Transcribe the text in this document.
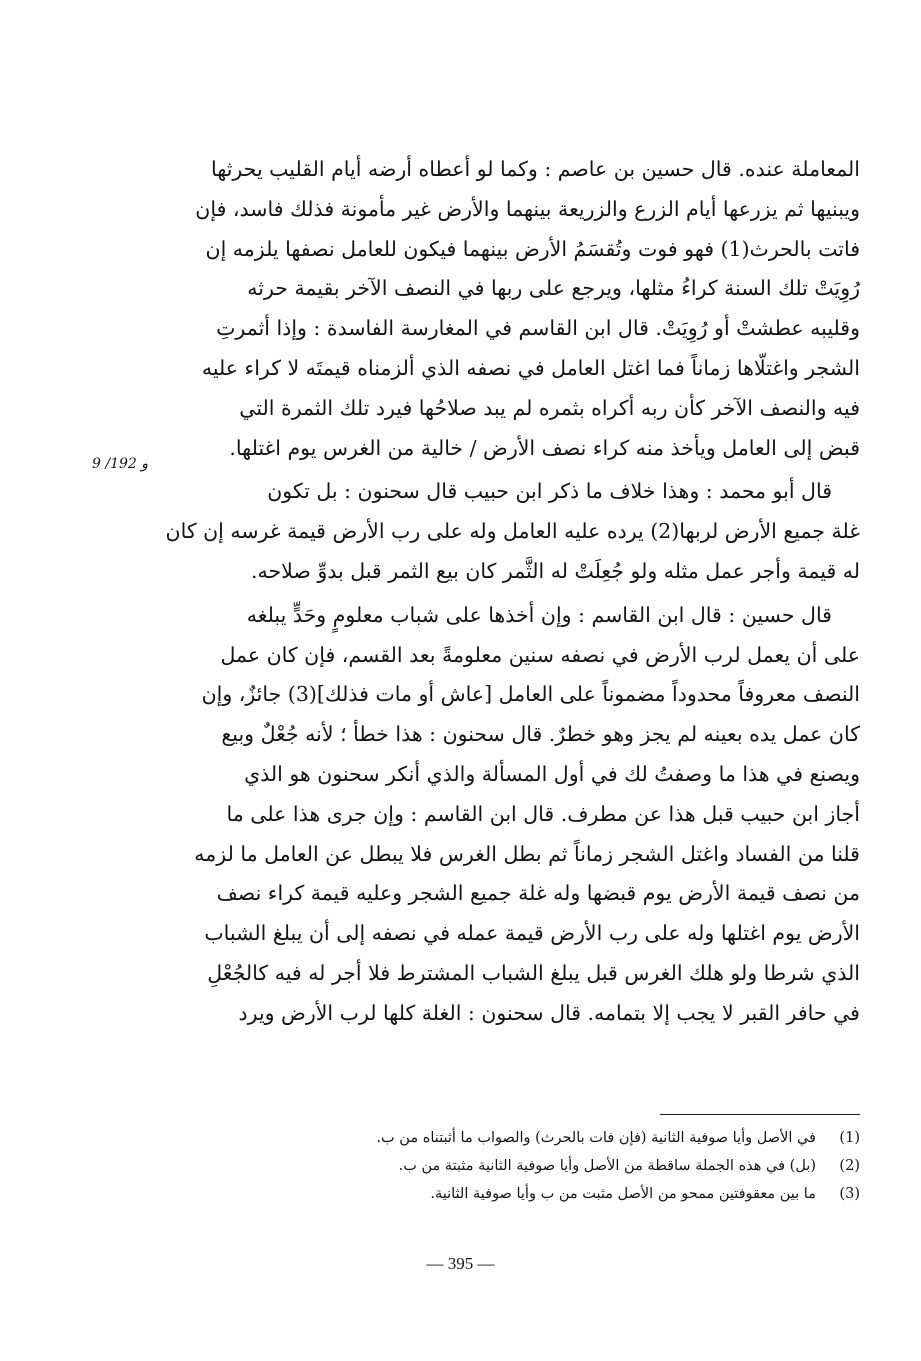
9 /192 و
المعاملة عنده. قال حسين بن عاصم : وكما لو أعطاه أرضه أيام القليب يحرثها
ويبنيها ثم يزرعها أيام الزرع والزريعة بينهما والأرض غير مأمونة فذلك فاسد، فإن
فاتت بالحرث(1) فهو فوت وتُقسَمُ الأرض بينهما فيكون للعامل نصفها يلزمه إن
رُوِيَتْ تلك السنة كراءُ مثلها، ويرجع على ربها في النصف الآخر بقيمة حرثه
وقليبه عطشتْ أو رُوِيَتْ. قال ابن القاسم في المغارسة الفاسدة : وإذا أثمرتِ
الشجر واغتلّاها زماناً فما اغتل العامل في نصفه الذي ألزمناه قيمتَه لا كراء عليه
فيه والنصف الآخر كأن ربه أكراه بثمره لم يبد صلاحُها فيرد تلك الثمرة التي
قبض إلى العامل ويأخذ منه كراء نصف الأرض / خالية من الغرس يوم اغتلها.
قال أبو محمد : وهذا خلاف ما ذكر ابن حبيب قال سحنون : بل تكون
غلة جميع الأرض لربها(2) يرده عليه العامل وله على رب الأرض قيمة غرسه إن كان
له قيمة وأجر عمل مثله ولو جُعِلَتْ له الثَّمر كان بيع الثمر قبل بدوِّ صلاحه.
قال حسين : قال ابن القاسم : وإن أخذها على شباب معلومٍ وحَدٍّ يبلغه
على أن يعمل لرب الأرض في نصفه سنين معلومةً بعد القسم، فإن كان عمل
النصف معروفاً محدوداً مضموناً على العامل [عاش أو مات فذلك](3) جائزٌ، وإن
كان عمل يده بعينه لم يجز وهو خطرٌ. قال سحنون : هذا خطأ ؛ لأنه جُعْلٌ وبيع
ويصنع في هذا ما وصفتُ لك في أول المسألة والذي أنكر سحنون هو الذي
أجاز ابن حبيب قبل هذا عن مطرف. قال ابن القاسم : وإن جرى هذا على ما
قلنا من الفساد واغتل الشجر زماناً ثم بطل الغرس فلا يبطل عن العامل ما لزمه
من نصف قيمة الأرض يوم قبضها وله غلة جميع الشجر وعليه قيمة كراء نصف
الأرض يوم اغتلها وله على رب الأرض قيمة عمله في نصفه إلى أن يبلغ الشباب
الذي شرطا ولو هلك الغرس قبل يبلغ الشباب المشترط فلا أجر له فيه كالجُعْلِ
في حافر القبر لا يجب إلا بتمامه. قال سحنون : الغلة كلها لرب الأرض ويرد
(1)
في الأصل وأيا صوفية الثانية (فإن فات بالحرث) والصواب ما أثبتناه من ب.
(2)
(بل) في هذه الجملة ساقطة من الأصل وأيا صوفية الثانية مثبتة من ب.
(3)
ما بين معقوفتين ممحو من الأصل مثبت من ب وأيا صوفية الثانية.
— 395 —
